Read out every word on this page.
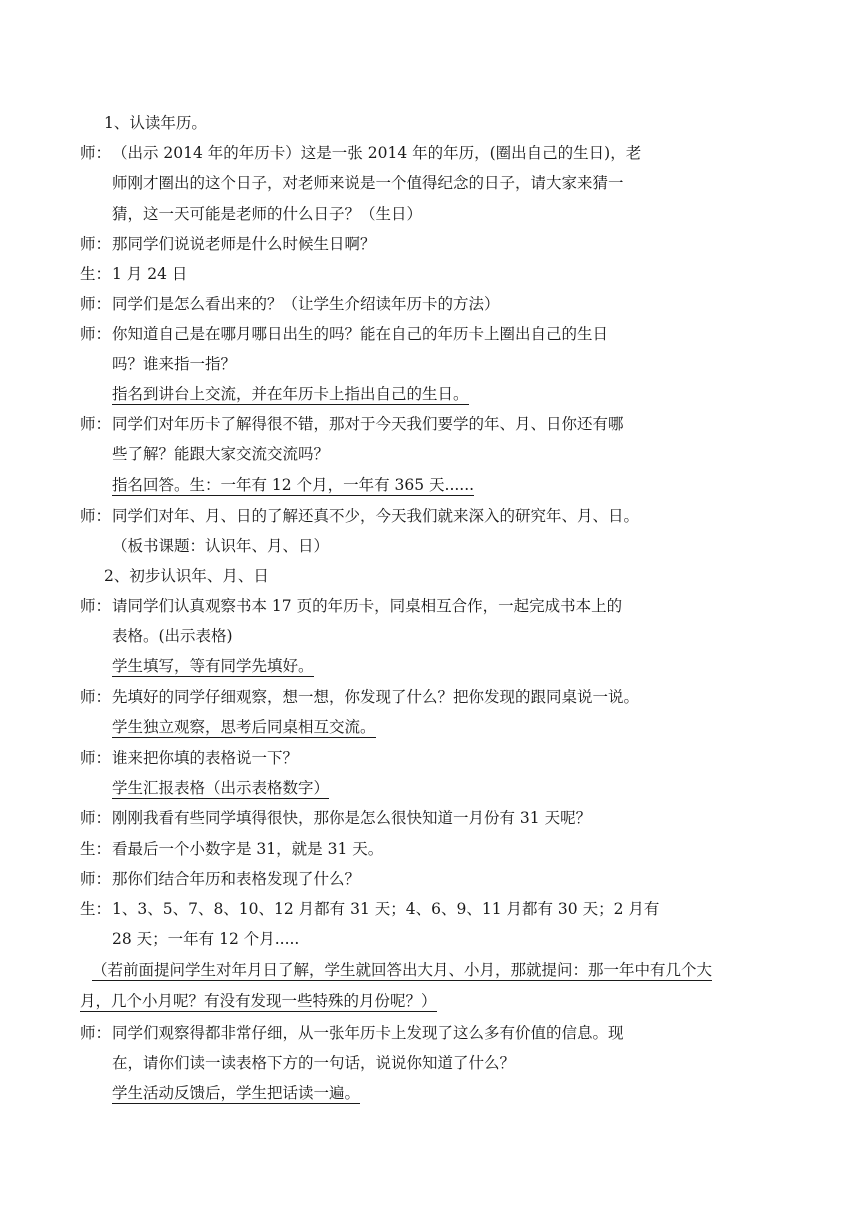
1、认读年历。
师： （出示 2014 年的年历卡）这是一张 2014 年的年历，(圈出自己的生日)，老
师刚才圈出的这个日子，对老师来说是一个值得纪念的日子，请大家来猜一
猜，这一天可能是老师的什么日子？（生日）
师： 那同学们说说老师是什么时候生日啊？
生： 1 月 24 日
师： 同学们是怎么看出来的？（让学生介绍读年历卡的方法）
师： 你知道自己是在哪月哪日出生的吗？能在自己的年历卡上圈出自己的生日
吗？谁来指一指？
指名到讲台上交流，并在年历卡上指出自己的生日。
师： 同学们对年历卡了解得很不错，那对于今天我们要学的年、月、日你还有哪
些了解？能跟大家交流交流吗？
指名回答。生：一年有 12 个月，一年有 365 天......
师： 同学们对年、月、日的了解还真不少，今天我们就来深入的研究年、月、日。
（板书课题：认识年、月、日）
2、初步认识年、月、日
师： 请同学们认真观察书本 17 页的年历卡，同桌相互合作，一起完成书本上的
表格。(出示表格)
学生填写，等有同学先填好。
师： 先填好的同学仔细观察，想一想，你发现了什么？把你发现的跟同桌说一说。
学生独立观察，思考后同桌相互交流。
师： 谁来把你填的表格说一下？
学生汇报表格（出示表格数字）
师： 刚刚我看有些同学填得很快，那你是怎么很快知道一月份有 31 天呢？
生： 看最后一个小数字是 31，就是 31 天。
师： 那你们结合年历和表格发现了什么？
生： 1、3、5、7、8、10、12 月都有 31 天；4、6、9、11 月都有 30 天；2 月有
28 天；一年有 12 个月.....
（若前面提问学生对年月日了解，学生就回答出大月、小月，那就提问：那一年中有几个大
月，几个小月呢？有没有发现一些特殊的月份呢？）
师： 同学们观察得都非常仔细，从一张年历卡上发现了这么多有价值的信息。现
在，请你们读一读表格下方的一句话，说说你知道了什么？
学生活动反馈后，学生把话读一遍。
